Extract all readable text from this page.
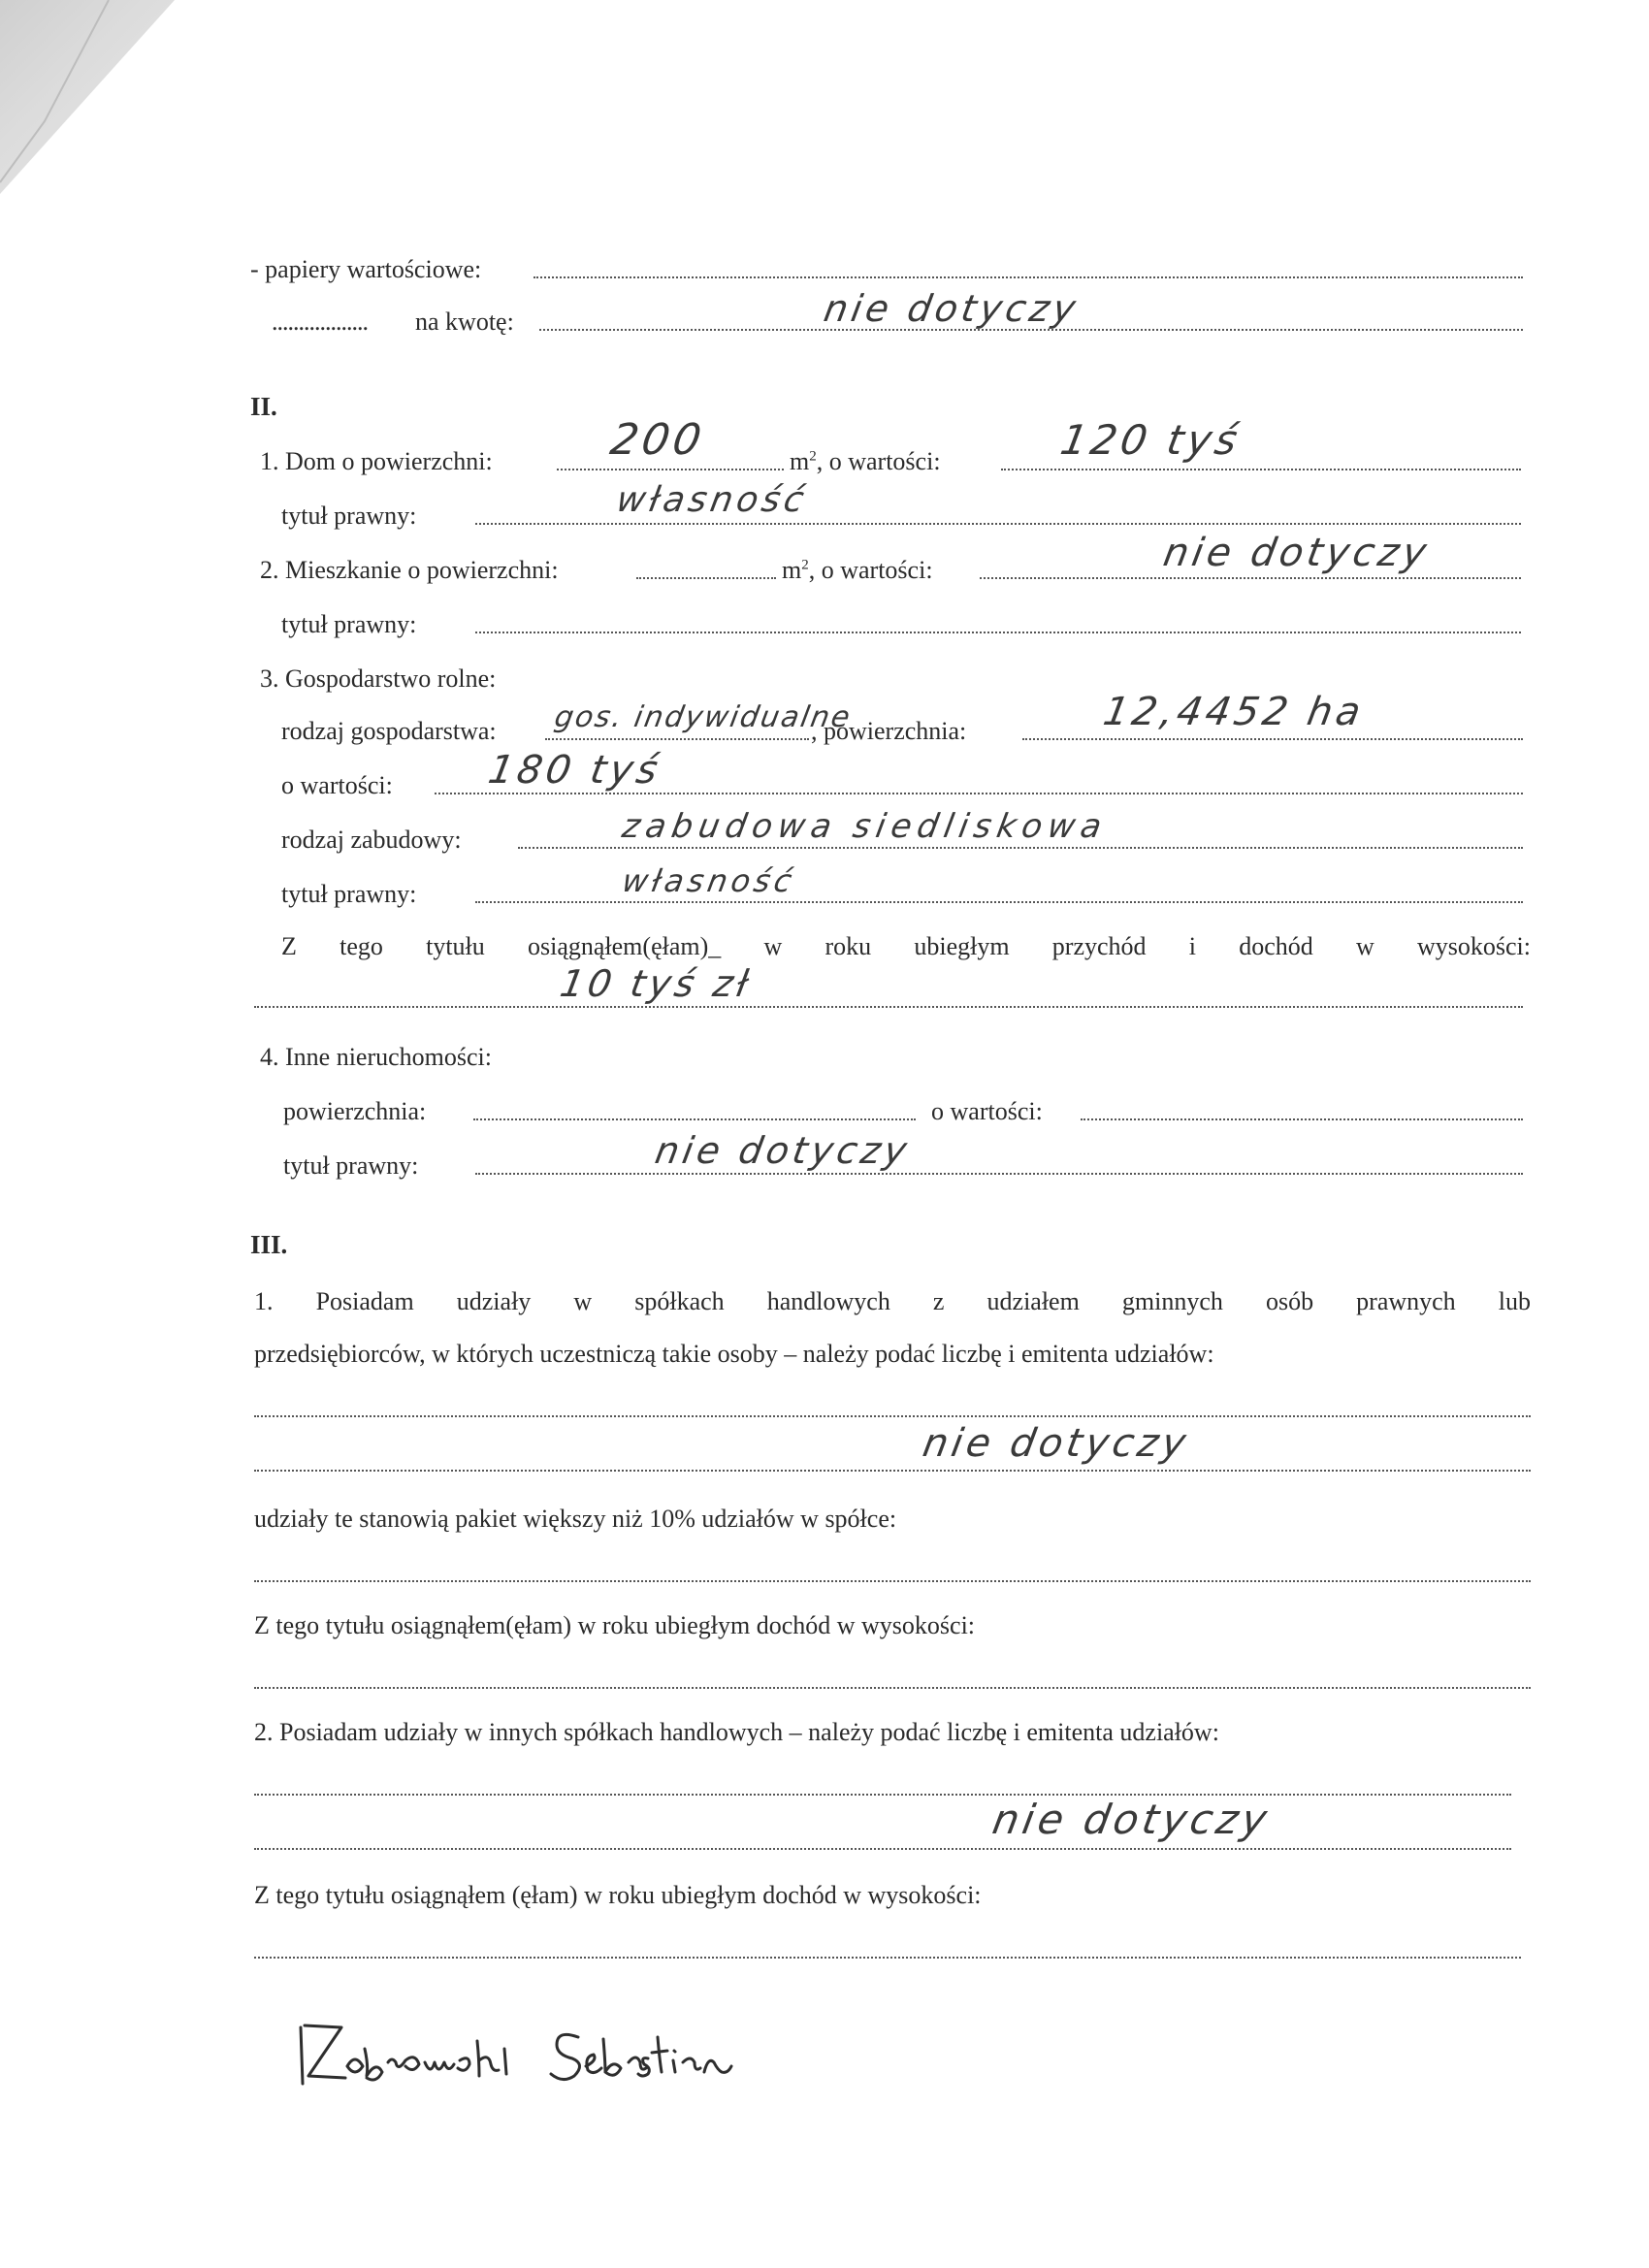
- papiery wartościowe:
.................. na kwotę:	nie dotyczy
II.
1. Dom o powierzchni:	200	$m^2$, o wartości:	120 tyś
tytuł prawny:	własność
2. Mieszkanie o powierzchni:	$m^2$, o wartości:	nie dotyczy
tytuł prawny:
3. Gospodarstwo rolne:
rodzaj gospodarstwa: gos. indywidualne
, powierzchnia:	12,4452 ha
o wartości: 180 tyś
rodzaj zabudowy:	zabudowa siedliskowa
tytuł prawny:	własność
Z tego tytułu osiągnąłem(ęłam)_ w roku ubiegłym przychód i dochód w wysokości:
10 tyś zł
4. Inne nieruchomości:
powierzchnia:	o wartości:
tytuł prawny:	nie dotyczy
III.
1. Posiadam udziały w spółkach handlowych z udziałem gminnych osób prawnych lub
przedsiębiorców, w których uczestniczą takie osoby – należy podać liczbę i emitenta udziałów:
nie dotyczy
udziały te stanowią pakiet większy niż 10% udziałów w spółce:
Z tego tytułu osiągnąłem(ęłam) w roku ubiegłym dochód w wysokości:
2. Posiadam udziały w innych spółkach handlowych – należy podać liczbę i emitenta udziałów:
nie dotyczy
Z tego tytułu osiągnąłem (ęłam) w roku ubiegłym dochód w wysokości:
